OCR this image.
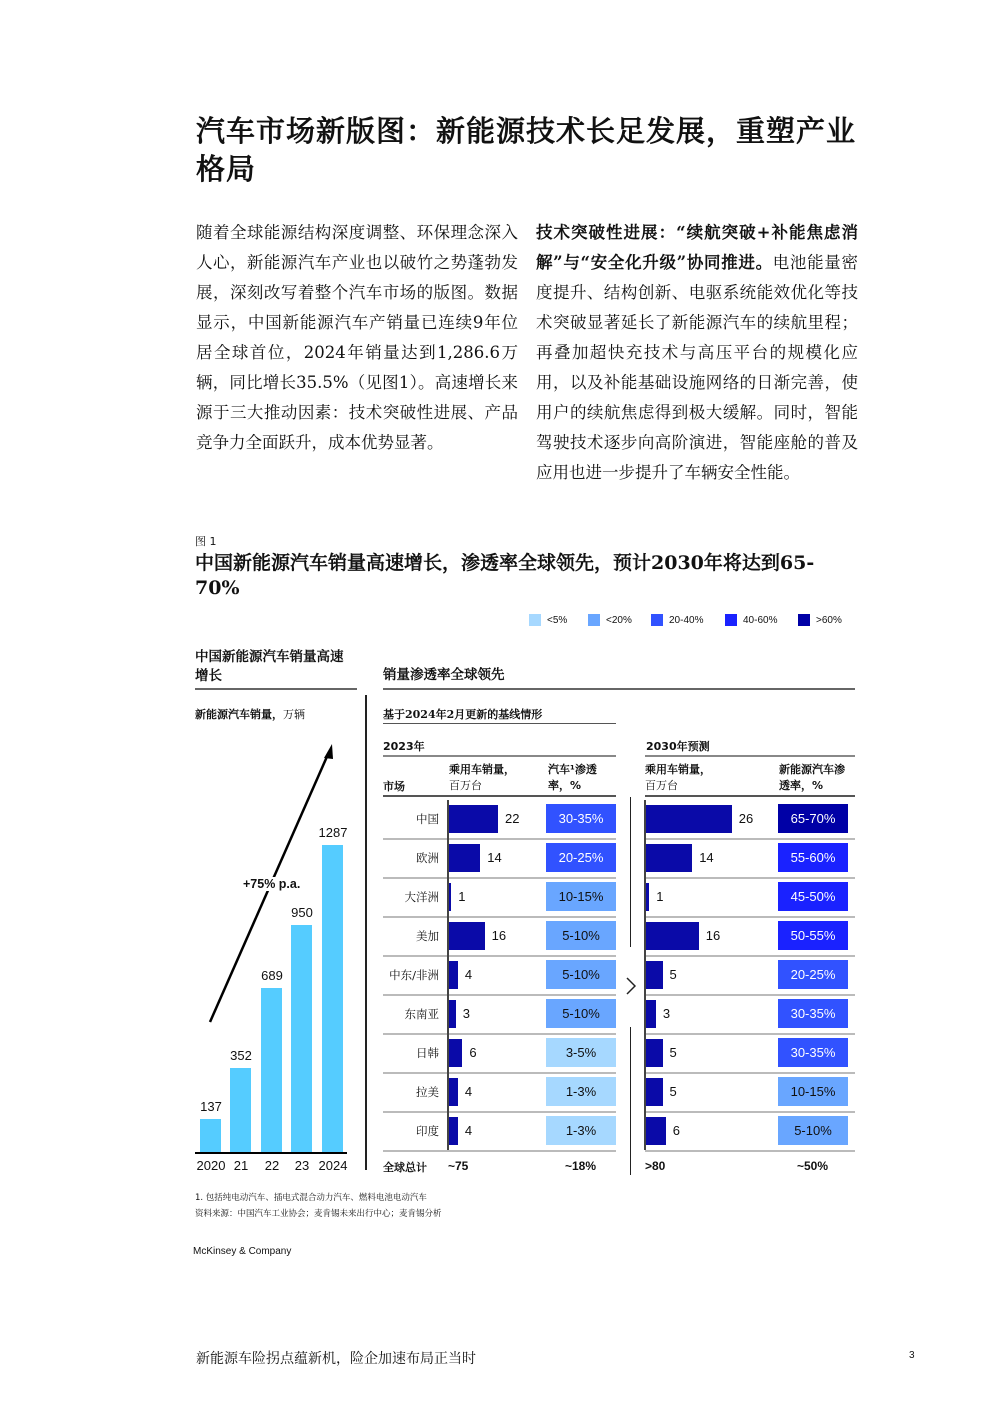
汽车市场新版图：新能源技术长足发展，重塑产业格局
随着全球能源结构深度调整、环保理念深入人心，新能源汽车产业也以破竹之势蓬勃发展，深刻改写着整个汽车市场的版图。数据显示，中国新能源汽车产销量已连续9年位居全球首位，2024年销量达到1,286.6万辆，同比增长35.5%（见图1）。高速增长来源于三大推动因素：技术突破性进展、产品竞争力全面跃升，成本优势显著。
技术突破性进展：“续航突破+补能焦虑消解”与“安全化升级”协同推进。电池能量密度提升、结构创新、电驱系统能效优化等技术突破显著延长了新能源汽车的续航里程；再叠加超快充技术与高压平台的规模化应用，以及补能基础设施网络的日渐完善，使用户的续航焦虑得到极大缓解。同时，智能驾驶技术逐步向高阶演进，智能座舱的普及应用也进一步提升了车辆安全性能。
图 1
中国新能源汽车销量高速增长，渗透率全球领先，预计2030年将达到65-70%
<5%	<20%	20-40%	40-60%	>60%
中国新能源汽车销量高速增长
新能源汽车销量，万辆
137
2020
352
21
689
22
950
23
1287
2024
+75% p.a.
销量渗透率全球领先
基于2024年2月更新的基线情形
2023年	2030年预测
市场
乘用车销量，
百万台
汽车¹渗透率，%
乘用车销量，
百万台
新能源汽车渗透率，%
中国	22	30-35%	26	65-70%
欧洲	14	20-25%	14	55-60%
大洋洲 1	10-15%	1	45-50%
美加	16	5-10%	16	50-55%
中东/非洲 4	5-10%	5	20-25%
东南亚 3	5-10%	3	30-35%
日韩 6	3-5%	5	30-35%
拉美 4	1-3%	5	10-15%
印度 4	1-3%	6	5-10%
全球总计 ~75	~18%	>80	~50%
1. 包括纯电动汽车、插电式混合动力汽车、燃料电池电动汽车
资料来源：中国汽车工业协会；麦肯锡未来出行中心；麦肯锡分析
McKinsey & Company
新能源车险拐点蕴新机，险企加速布局正当时	3
